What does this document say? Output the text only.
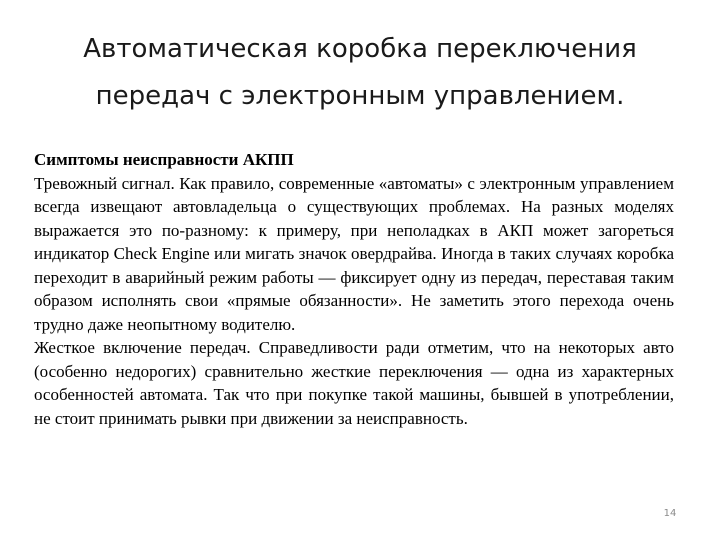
Автоматическая коробка переключения
передач с электронным управлением.

Симптомы неисправности АКПП

Тревожный сигнал. Как правило, современные «автоматы» с электронным управлением всегда извещают автовладельца о существующих проблемах. На разных моделях выражается это по-разному: к примеру, при неполадках в АКП может загореться индикатор Check Engine или мигать значок овердрайва. Иногда в таких случаях коробка переходит в аварийный режим работы — фиксирует одну из передач, переставая таким образом исполнять свои «прямые обязанности». Не заметить этого перехода очень трудно даже неопытному водителю.

Жесткое включение передач. Справедливости ради отметим, что на некоторых авто (особенно недорогих) сравнительно жесткие переключения — одна из характерных особенностей автомата. Так что при покупке такой машины, бывшей в употреблении, не стоит принимать рывки при движении за неисправность.

14
